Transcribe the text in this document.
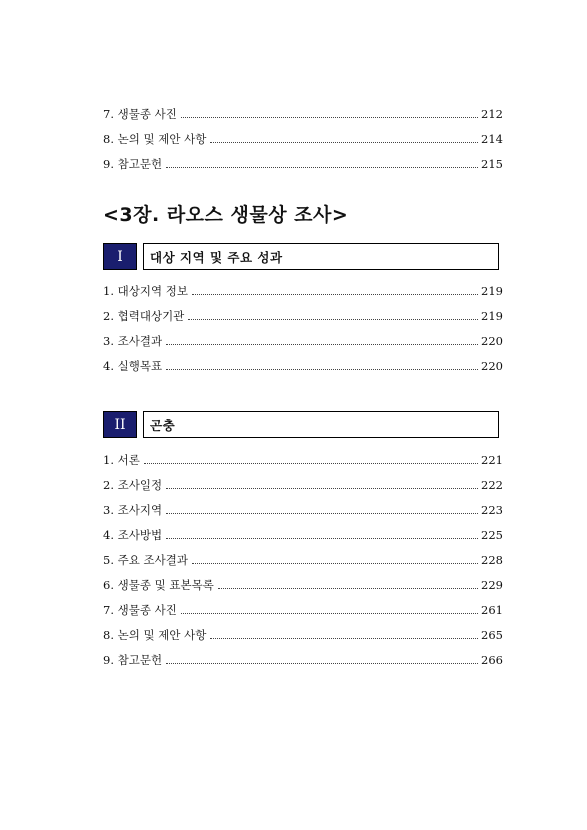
7. 생물종 사진	212
8. 논의 및 제안 사항	214
9. 참고문헌	215
<3장. 라오스 생물상 조사>
I	대상 지역 및 주요 성과
1. 대상지역 정보	219
2. 협력대상기관	219
3. 조사결과	220
4. 실행목표	220
II	곤충
1. 서론	221
2. 조사일정	222
3. 조사지역	223
4. 조사방법	225
5. 주요 조사결과	228
6. 생물종 및 표본목록	229
7. 생물종 사진	261
8. 논의 및 제안 사항	265
9. 참고문헌	266
